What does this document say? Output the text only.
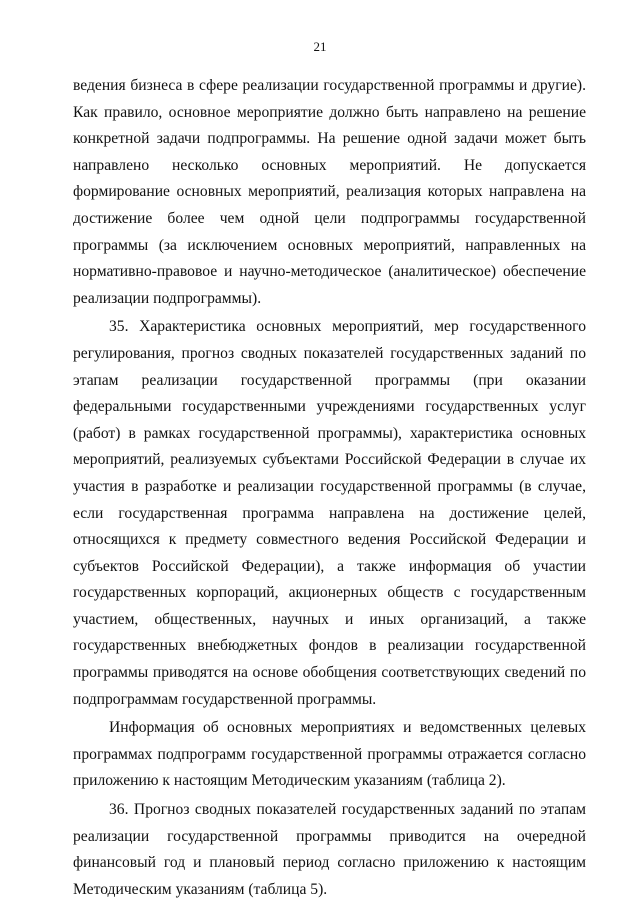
21

ведения бизнеса в сфере реализации государственной программы и другие). Как правило, основное мероприятие должно быть направлено на решение конкретной задачи подпрограммы. На решение одной задачи может быть направлено несколько основных мероприятий. Не допускается формирование основных мероприятий, реализация которых направлена на достижение более чем одной цели подпрограммы государственной программы (за исключением основных мероприятий, направленных на нормативно-правовое и научно-методическое (аналитическое) обеспечение реализации подпрограммы).

35. Характеристика основных мероприятий, мер государственного регулирования, прогноз сводных показателей государственных заданий по этапам реализации государственной программы (при оказании федеральными государственными учреждениями государственных услуг (работ) в рамках государственной программы), характеристика основных мероприятий, реализуемых субъектами Российской Федерации в случае их участия в разработке и реализации государственной программы (в случае, если государственная программа направлена на достижение целей, относящихся к предмету совместного ведения Российской Федерации и субъектов Российской Федерации), а также информация об участии государственных корпораций, акционерных обществ с государственным участием, общественных, научных и иных организаций, а также государственных внебюджетных фондов в реализации государственной программы приводятся на основе обобщения соответствующих сведений по подпрограммам государственной программы.

Информация об основных мероприятиях и ведомственных целевых программах подпрограмм государственной программы отражается согласно приложению к настоящим Методическим указаниям (таблица 2).

36. Прогноз сводных показателей государственных заданий по этапам реализации государственной программы приводится на очередной финансовый год и плановый период согласно приложению к настоящим Методическим указаниям (таблица 5).
